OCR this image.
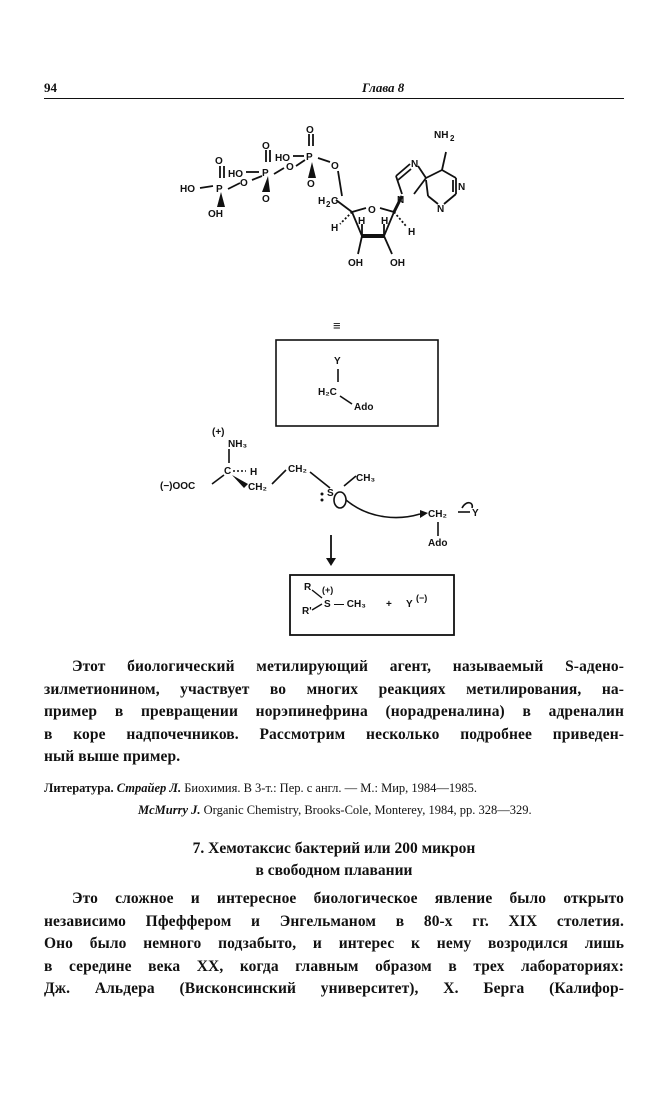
94	Глава 8
O
P
HO
O
OH
O
P
HO
O
O
O
P
HO
O
O
H 2 C
O
H
H H
H
OH	OH
N
N
N
N
NH 2
≡
Y
H₂C
Ado
(+)
NH₃
C H
(−)OOC	CH₂
CH₂
S
CH₃
CH₂	Y
Ado
R
R'
(+)
S — CH₃ + Y
(−)
Этот биологический метилирующий агент, называемый S-адено-
зилметионином, участвует во многих реакциях метилирования, на-
пример в превращении норэпинефрина (норадреналина) в адреналин
в коре надпочечников. Рассмотрим несколько подробнее приведен-
ный выше пример.
Литература. Страйер Л. Биохимия. В 3-т.: Пер. с англ. — М.: Мир, 1984—1985.
McMurry J. Organic Chemistry, Brooks-Cole, Monterey, 1984, pp. 328—329.
7. Хемотаксис бактерий или 200 микрон
в свободном плавании
Это сложное и интересное биологическое явление было открыто
независимо Пфеффером и Энгельманом в 80-х гг. XIX столетия.
Оно было немного подзабыто, и интерес к нему возродился лишь
в середине века XX, когда главным образом в трех лабораториях:
Дж. Альдера (Висконсинский университет), Х. Берга (Калифор-
